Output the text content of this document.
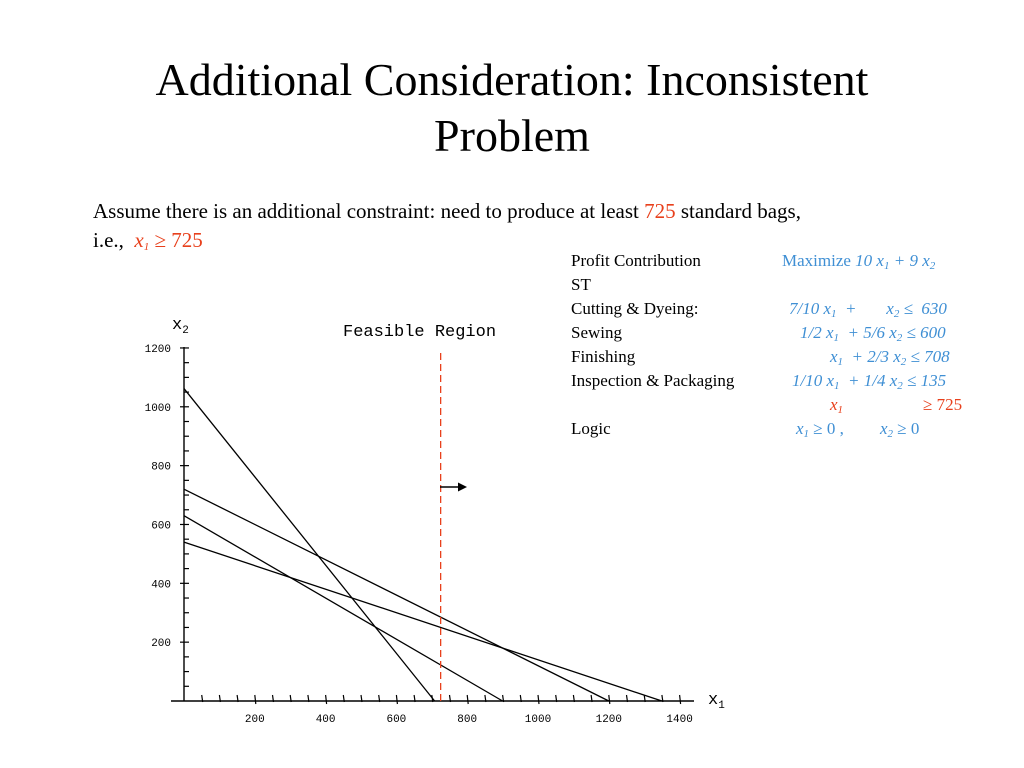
Additional Consideration: Inconsistent
Problem
Assume there is an additional constraint: need to produce at least 725 standard bags,
i.e.,  $x_1 \ge 725$
Profit Contribution	Maximize 10 $x_1 + 9$ $x_2$
ST
Cutting & Dyeing:	7/10 $x_1$  +       $x_2 \le 630$
Sewing	1/2 $x_1 + 5/6$ $x_2 \le 600$
Finishing	$x_1 + 2/3$ $x_2 \le 708$
Inspection & Packaging	1/10 $x_1 + 1/4$ $x_2 \le 135$
$x_1$	≥ 725
Logic	$x_1 \ge 0$ , $x_2 \ge 0$
200	400	600	800	1000	1200	1400
200
400
600
800
1000
1200
$x_2$
$x_1$
Feasible Region
